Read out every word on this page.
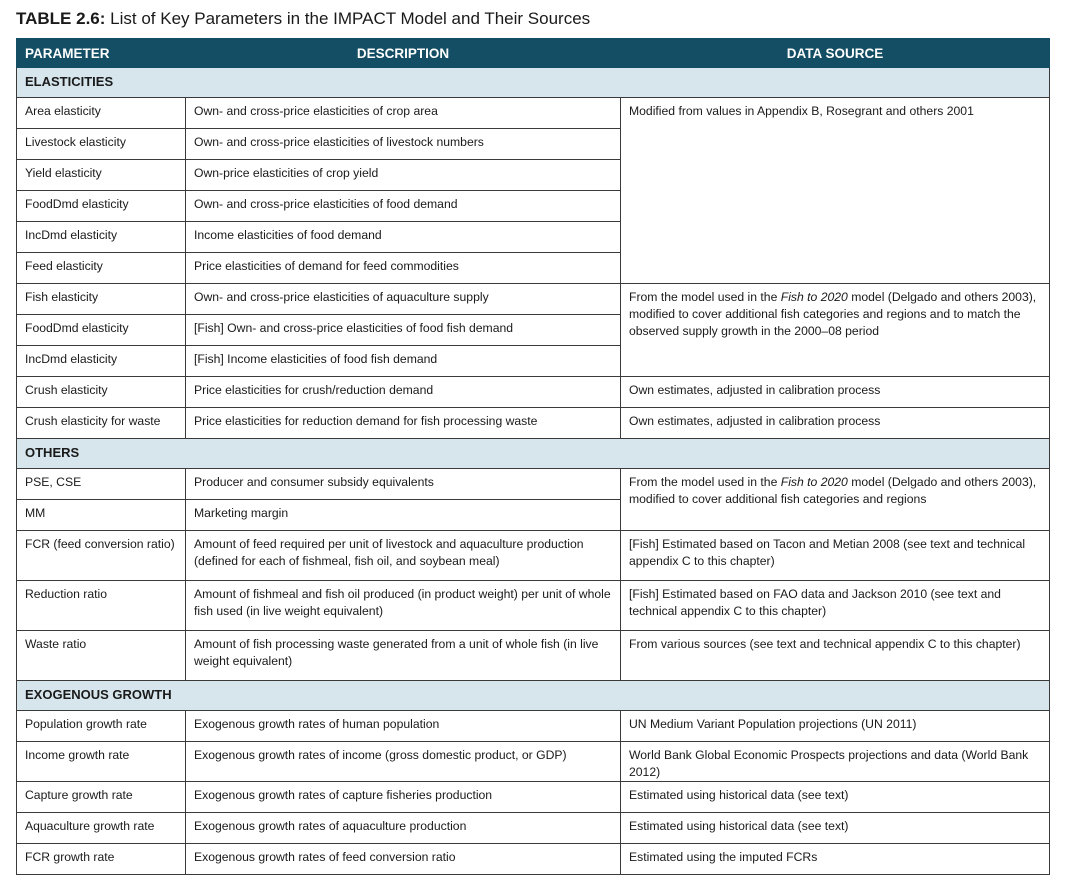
TABLE 2.6: List of Key Parameters in the IMPACT Model and Their Sources
PARAMETER	DESCRIPTION	DATA SOURCE
ELASTICITIES		
Area elasticity	Own- and cross-price elasticities of crop area	Modified from values in Appendix B, Rosegrant and others 2001
Livestock elasticity	Own- and cross-price elasticities of livestock numbers	
Yield elasticity	Own-price elasticities of crop yield	
FoodDmd elasticity	Own- and cross-price elasticities of food demand	
IncDmd elasticity	Income elasticities of food demand	
Feed elasticity	Price elasticities of demand for feed commodities	
Fish elasticity	Own- and cross-price elasticities of aquaculture supply	From the model used in the Fish to 2020 model (Delgado and others 2003), modified to cover additional fish categories and regions and to match the observed supply growth in the 2000–08 period
FoodDmd elasticity	[Fish] Own- and cross-price elasticities of food fish demand	
IncDmd elasticity	[Fish] Income elasticities of food fish demand	
Crush elasticity	Price elasticities for crush/reduction demand	Own estimates, adjusted in calibration process
Crush elasticity for waste	Price elasticities for reduction demand for fish processing waste	Own estimates, adjusted in calibration process
OTHERS		
PSE, CSE	Producer and consumer subsidy equivalents	From the model used in the Fish to 2020 model (Delgado and others 2003), modified to cover additional fish categories and regions
MM	Marketing margin	
FCR (feed conversion ratio)	Amount of feed required per unit of livestock and aquaculture production (defined for each of fishmeal, fish oil, and soybean meal)	[Fish] Estimated based on Tacon and Metian 2008 (see text and technical appendix C to this chapter)
Reduction ratio	Amount of fishmeal and fish oil produced (in product weight) per unit of whole fish used (in live weight equivalent)	[Fish] Estimated based on FAO data and Jackson 2010 (see text and technical appendix C to this chapter)
Waste ratio	Amount of fish processing waste generated from a unit of whole fish (in live weight equivalent)	From various sources (see text and technical appendix C to this chapter)
EXOGENOUS GROWTH		
Population growth rate	Exogenous growth rates of human population	UN Medium Variant Population projections (UN 2011)
Income growth rate	Exogenous growth rates of income (gross domestic product, or GDP)	World Bank Global Economic Prospects projections and data (World Bank 2012)
Capture growth rate	Exogenous growth rates of capture fisheries production	Estimated using historical data (see text)
Aquaculture growth rate	Exogenous growth rates of aquaculture production	Estimated using historical data (see text)
FCR growth rate	Exogenous growth rates of feed conversion ratio	Estimated using the imputed FCRs
